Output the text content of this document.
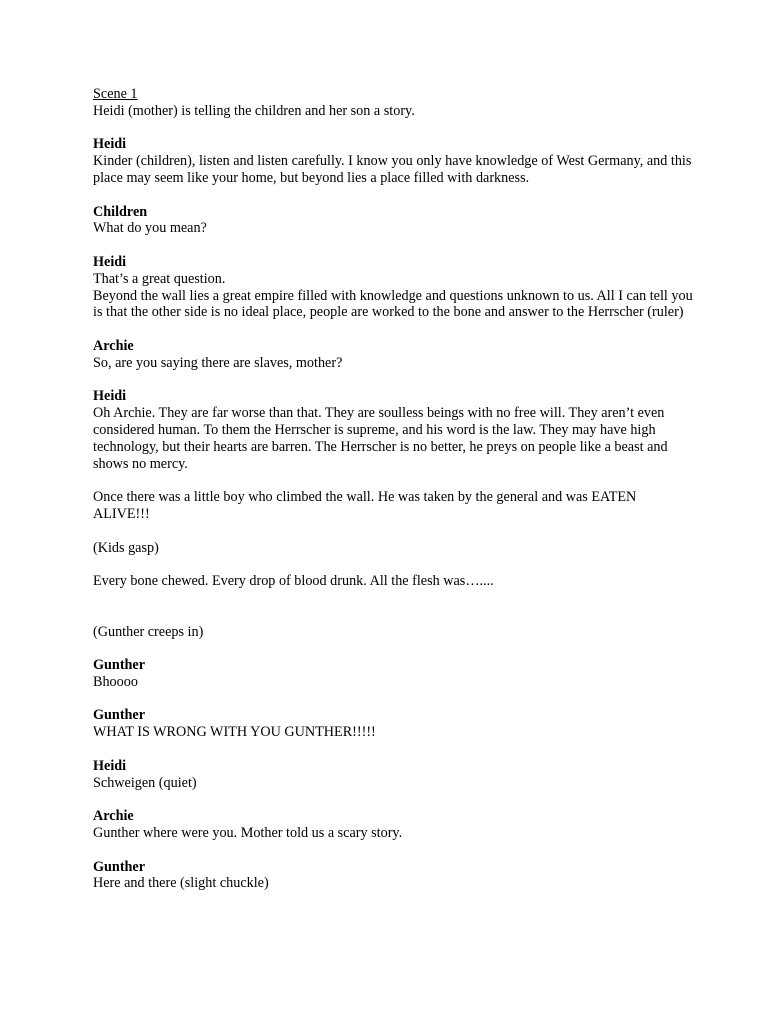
Scene 1

Heidi (mother) is telling the children and her son a story.

Heidi

Kinder (children), listen and listen carefully. I know you only have knowledge of West Germany, and this place may seem like your home, but beyond lies a place filled with darkness.

Children

What do you mean?

Heidi

That’s a great question.

Beyond the wall lies a great empire filled with knowledge and questions unknown to us. All I can tell you is that the other side is no ideal place, people are worked to the bone and answer to the Herrscher (ruler)

Archie

So, are you saying there are slaves, mother?

Heidi

Oh Archie. They are far worse than that. They are soulless beings with no free will. They aren’t even considered human. To them the Herrscher is supreme, and his word is the law. They may have high technology, but their hearts are barren. The Herrscher is no better, he preys on people like a beast and shows no mercy.

Once there was a little boy who climbed the wall. He was taken by the general and was EATEN ALIVE!!!

(Kids gasp)

Every bone chewed. Every drop of blood drunk. All the flesh was…....

(Gunther creeps in)

Gunther

Bhoooo

Gunther

WHAT IS WRONG WITH YOU GUNTHER!!!!!

Heidi

Schweigen (quiet)

Archie

Gunther where were you. Mother told us a scary story.

Gunther

Here and there (slight chuckle)
